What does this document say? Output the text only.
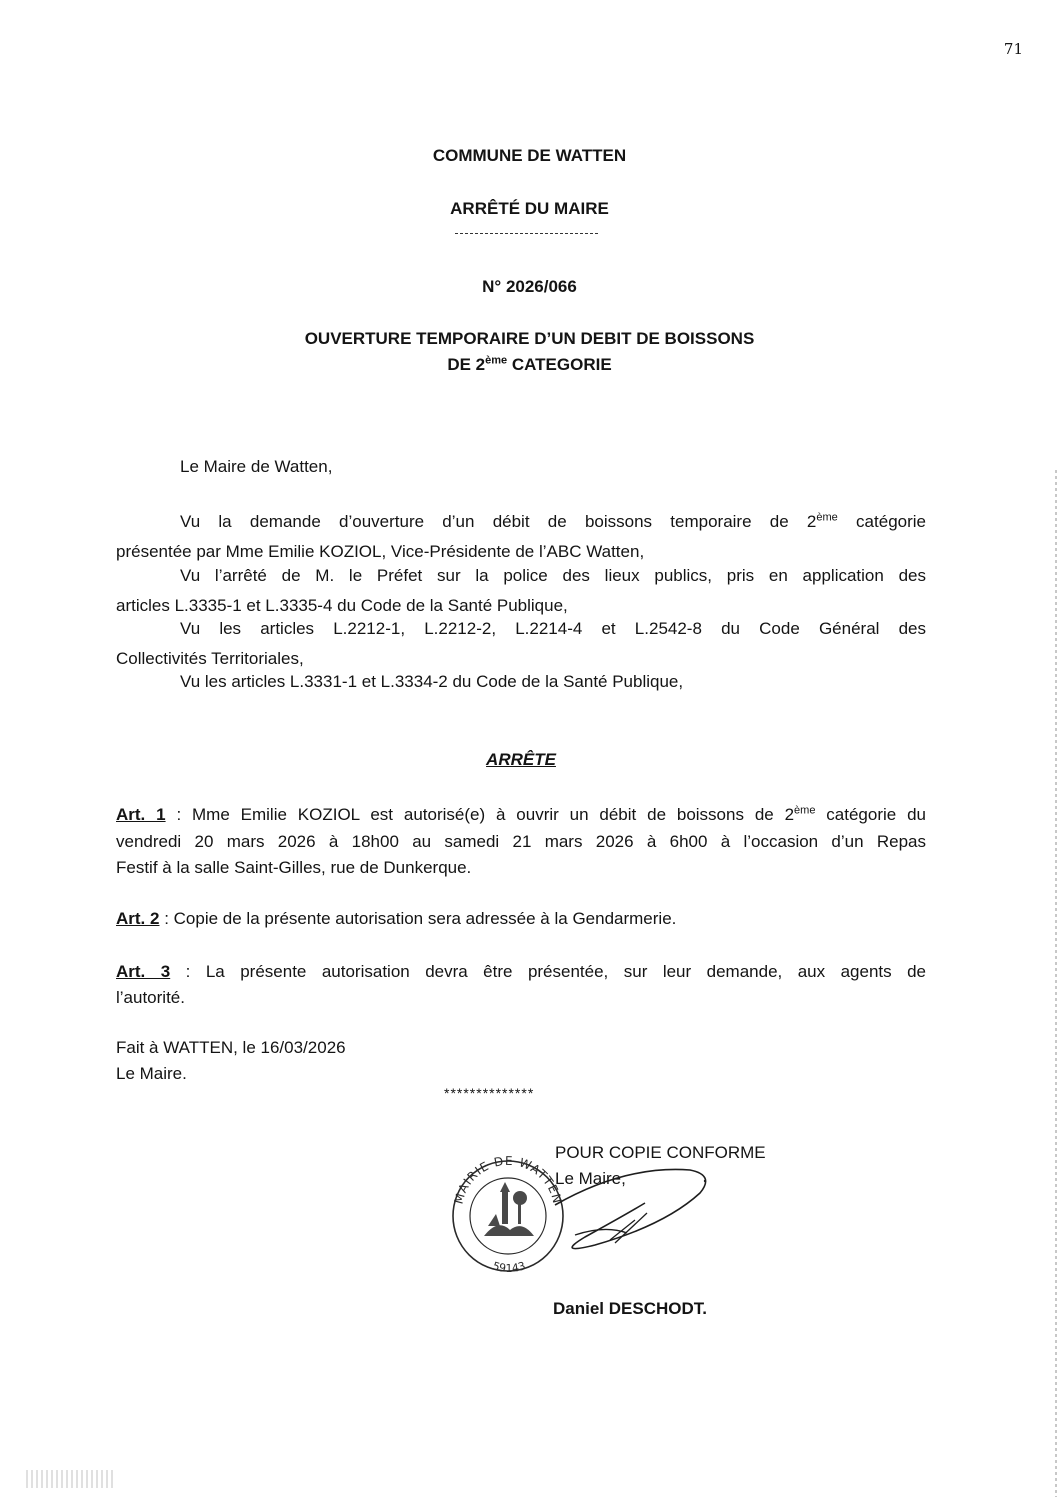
71
COMMUNE DE WATTEN
ARRÊTÉ DU MAIRE
N° 2026/066
OUVERTURE TEMPORAIRE D’UN DEBIT DE BOISSONS
DE 2ème CATEGORIE
Le Maire de Watten,
Vu la demande d’ouverture d’un débit de boissons temporaire de 2ème catégorie
présentée par Mme Emilie KOZIOL, Vice-Présidente de l’ABC Watten,
Vu l’arrêté de M. le Préfet sur la police des lieux publics, pris en application des
articles L.3335-1 et L.3335-4 du Code de la Santé Publique,
Vu les articles L.2212-1, L.2212-2, L.2214-4 et L.2542-8 du Code Général des
Collectivités Territoriales,
Vu les articles L.3331-1 et L.3334-2 du Code de la Santé Publique,
ARRÊTE
Art. 1 : Mme Emilie KOZIOL est autorisé(e) à ouvrir un débit de boissons de 2ème catégorie du
vendredi 20 mars 2026 à 18h00 au samedi 21 mars 2026 à 6h00 à l’occasion d’un Repas
Festif à la salle Saint-Gilles, rue de Dunkerque.
Art. 2 : Copie de la présente autorisation sera adressée à la Gendarmerie.
Art. 3 : La présente autorisation devra être présentée, sur leur demande, aux agents de
l’autorité.
Fait à WATTEN, le 16/03/2026
Le Maire.
**************
POUR COPIE CONFORME
Le Maire,
MAIRIE DE WATTEN
59143
Daniel DESCHODT.
